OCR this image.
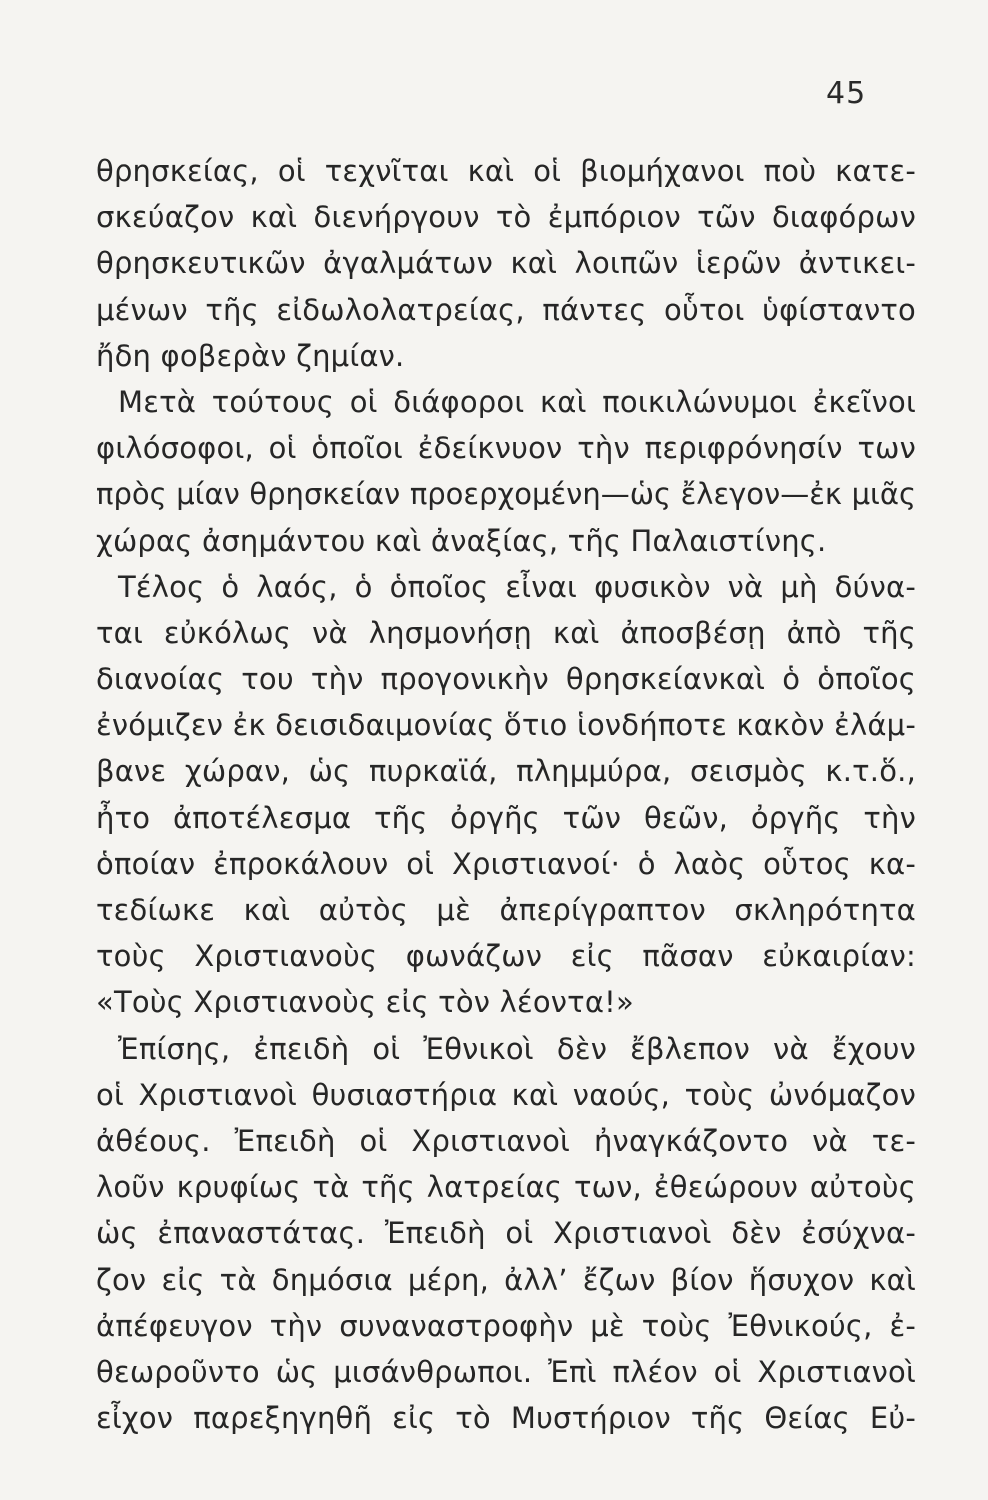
45
θρησκείας, οἱ τεχνῖται καὶ οἱ βιομήχανοι ποὺ κατε-
σκεύαζον καὶ διενήργουν τὸ ἐμπόριον τῶν διαφόρων
θρησκευτικῶν ἀγαλμάτων καὶ λοιπῶν ἱερῶν ἀντικει-
μένων τῆς εἰδωλολατρείας, πάντες οὗτοι ὑφίσταντο
ἤδη φοβερὰν ζημίαν.
Μετὰ τούτους οἱ διάφοροι καὶ ποικιλώνυμοι ἐκεῖνοι
φιλόσοφοι, οἱ ὁποῖοι ἐδείκνυον τὴν περιφρόνησίν των
πρὸς μίαν θρησκείαν προερχομένη—ὡς ἔλεγον—ἐκ μιᾶς
χώρας ἀσημάντου καὶ ἀναξίας, τῆς Παλαιστίνης.
Τέλος ὁ λαός, ὁ ὁποῖος εἶναι φυσικὸν νὰ μὴ δύνα-
ται εὐκόλως νὰ λησμονήσῃ καὶ ἀποσβέσῃ ἀπὸ τῆς
διανοίας του τὴν προγονικὴν θρησκείανκαὶ ὁ ὁποῖος
ἐνόμιζεν ἐκ δεισιδαιμονίας ὅτιο ἱονδήποτε κακὸν ἐλάμ-
βανε χώραν, ὡς πυρκαϊά, πλημμύρα, σεισμὸς κ.τ.ὅ.,
ἦτο ἀποτέλεσμα τῆς ὀργῆς τῶν θεῶν, ὀργῆς τὴν
ὁποίαν ἐπροκάλουν οἱ Χριστιανοί· ὁ λαὸς οὗτος κα-
τεδίωκε καὶ αὐτὸς μὲ ἀπερίγραπτον σκληρότητα
τοὺς Χριστιανοὺς φωνάζων εἰς πᾶσαν εὐκαιρίαν:
«Τοὺς Χριστιανοὺς εἰς τὸν λέοντα!»
Ἐπίσης, ἐπειδὴ οἱ Ἐθνικοὶ δὲν ἔβλεπον νὰ ἔχουν
οἱ Χριστιανοὶ θυσιαστήρια καὶ ναούς, τοὺς ὠνόμαζον
ἀθέους. Ἐπειδὴ οἱ Χριστιανοὶ ἠναγκάζοντο νὰ τε-
λοῦν κρυφίως τὰ τῆς λατρείας των, ἐθεώρουν αὐτοὺς
ὡς ἐπαναστάτας. Ἐπειδὴ οἱ Χριστιανοὶ δὲν ἐσύχνα-
ζον εἰς τὰ δημόσια μέρη, ἀλλ’ ἔζων βίον ἥσυχον καὶ
ἀπέφευγον τὴν συναναστροφὴν μὲ τοὺς Ἐθνικούς, ἐ-
θεωροῦντο ὡς μισάνθρωποι. Ἐπὶ πλέον οἱ Χριστιανοὶ
εἶχον παρεξηγηθῆ εἰς τὸ Μυστήριον τῆς Θείας Εὐ-
